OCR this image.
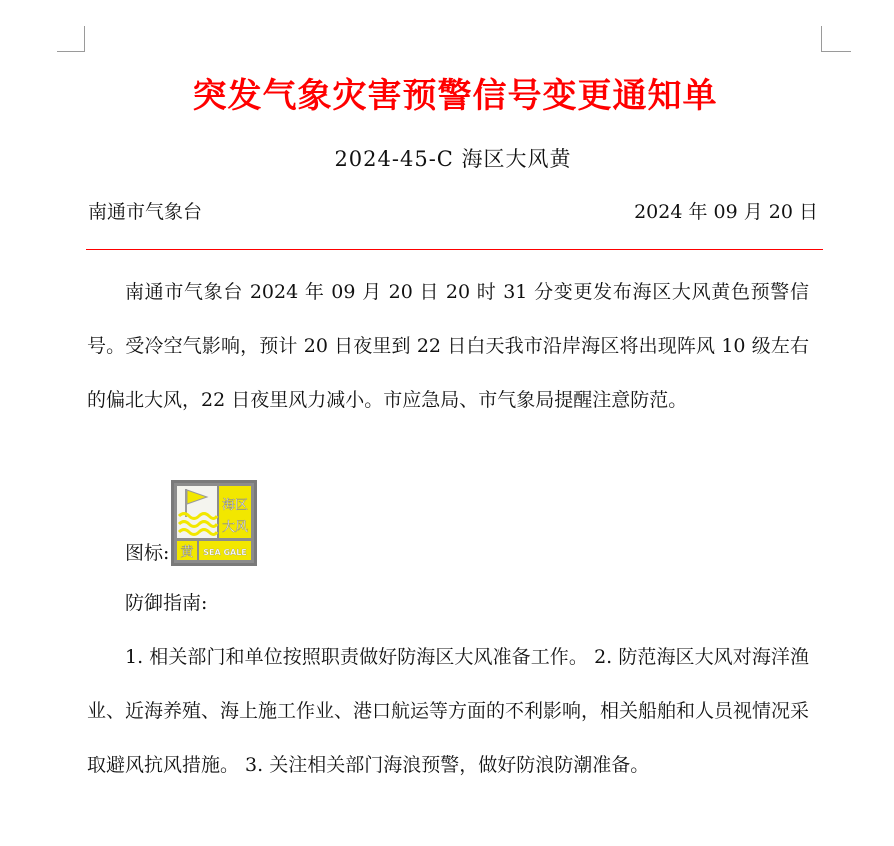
突发气象灾害预警信号变更通知单
2024-45-C 海区大风黄
南通市气象台	2024 年 09 月 20 日

南通市气象台 2024 年 09 月 20 日 20 时 31 分变更发布海区大风黄色预警信号。受冷空气影响，预计 20 日夜里到 22 日白天我市沿岸海区将出现阵风 10 级左右的偏北大风，22 日夜里风力减小。市应急局、市气象局提醒注意防范。

图标:
海区
大风
黄 SEA GALE
防御指南:

1. 相关部门和单位按照职责做好防海区大风准备工作。 2. 防范海区大风对海洋渔业、近海养殖、海上施工作业、港口航运等方面的不利影响，相关船舶和人员视情况采取避风抗风措施。 3. 关注相关部门海浪预警，做好防浪防潮准备。
